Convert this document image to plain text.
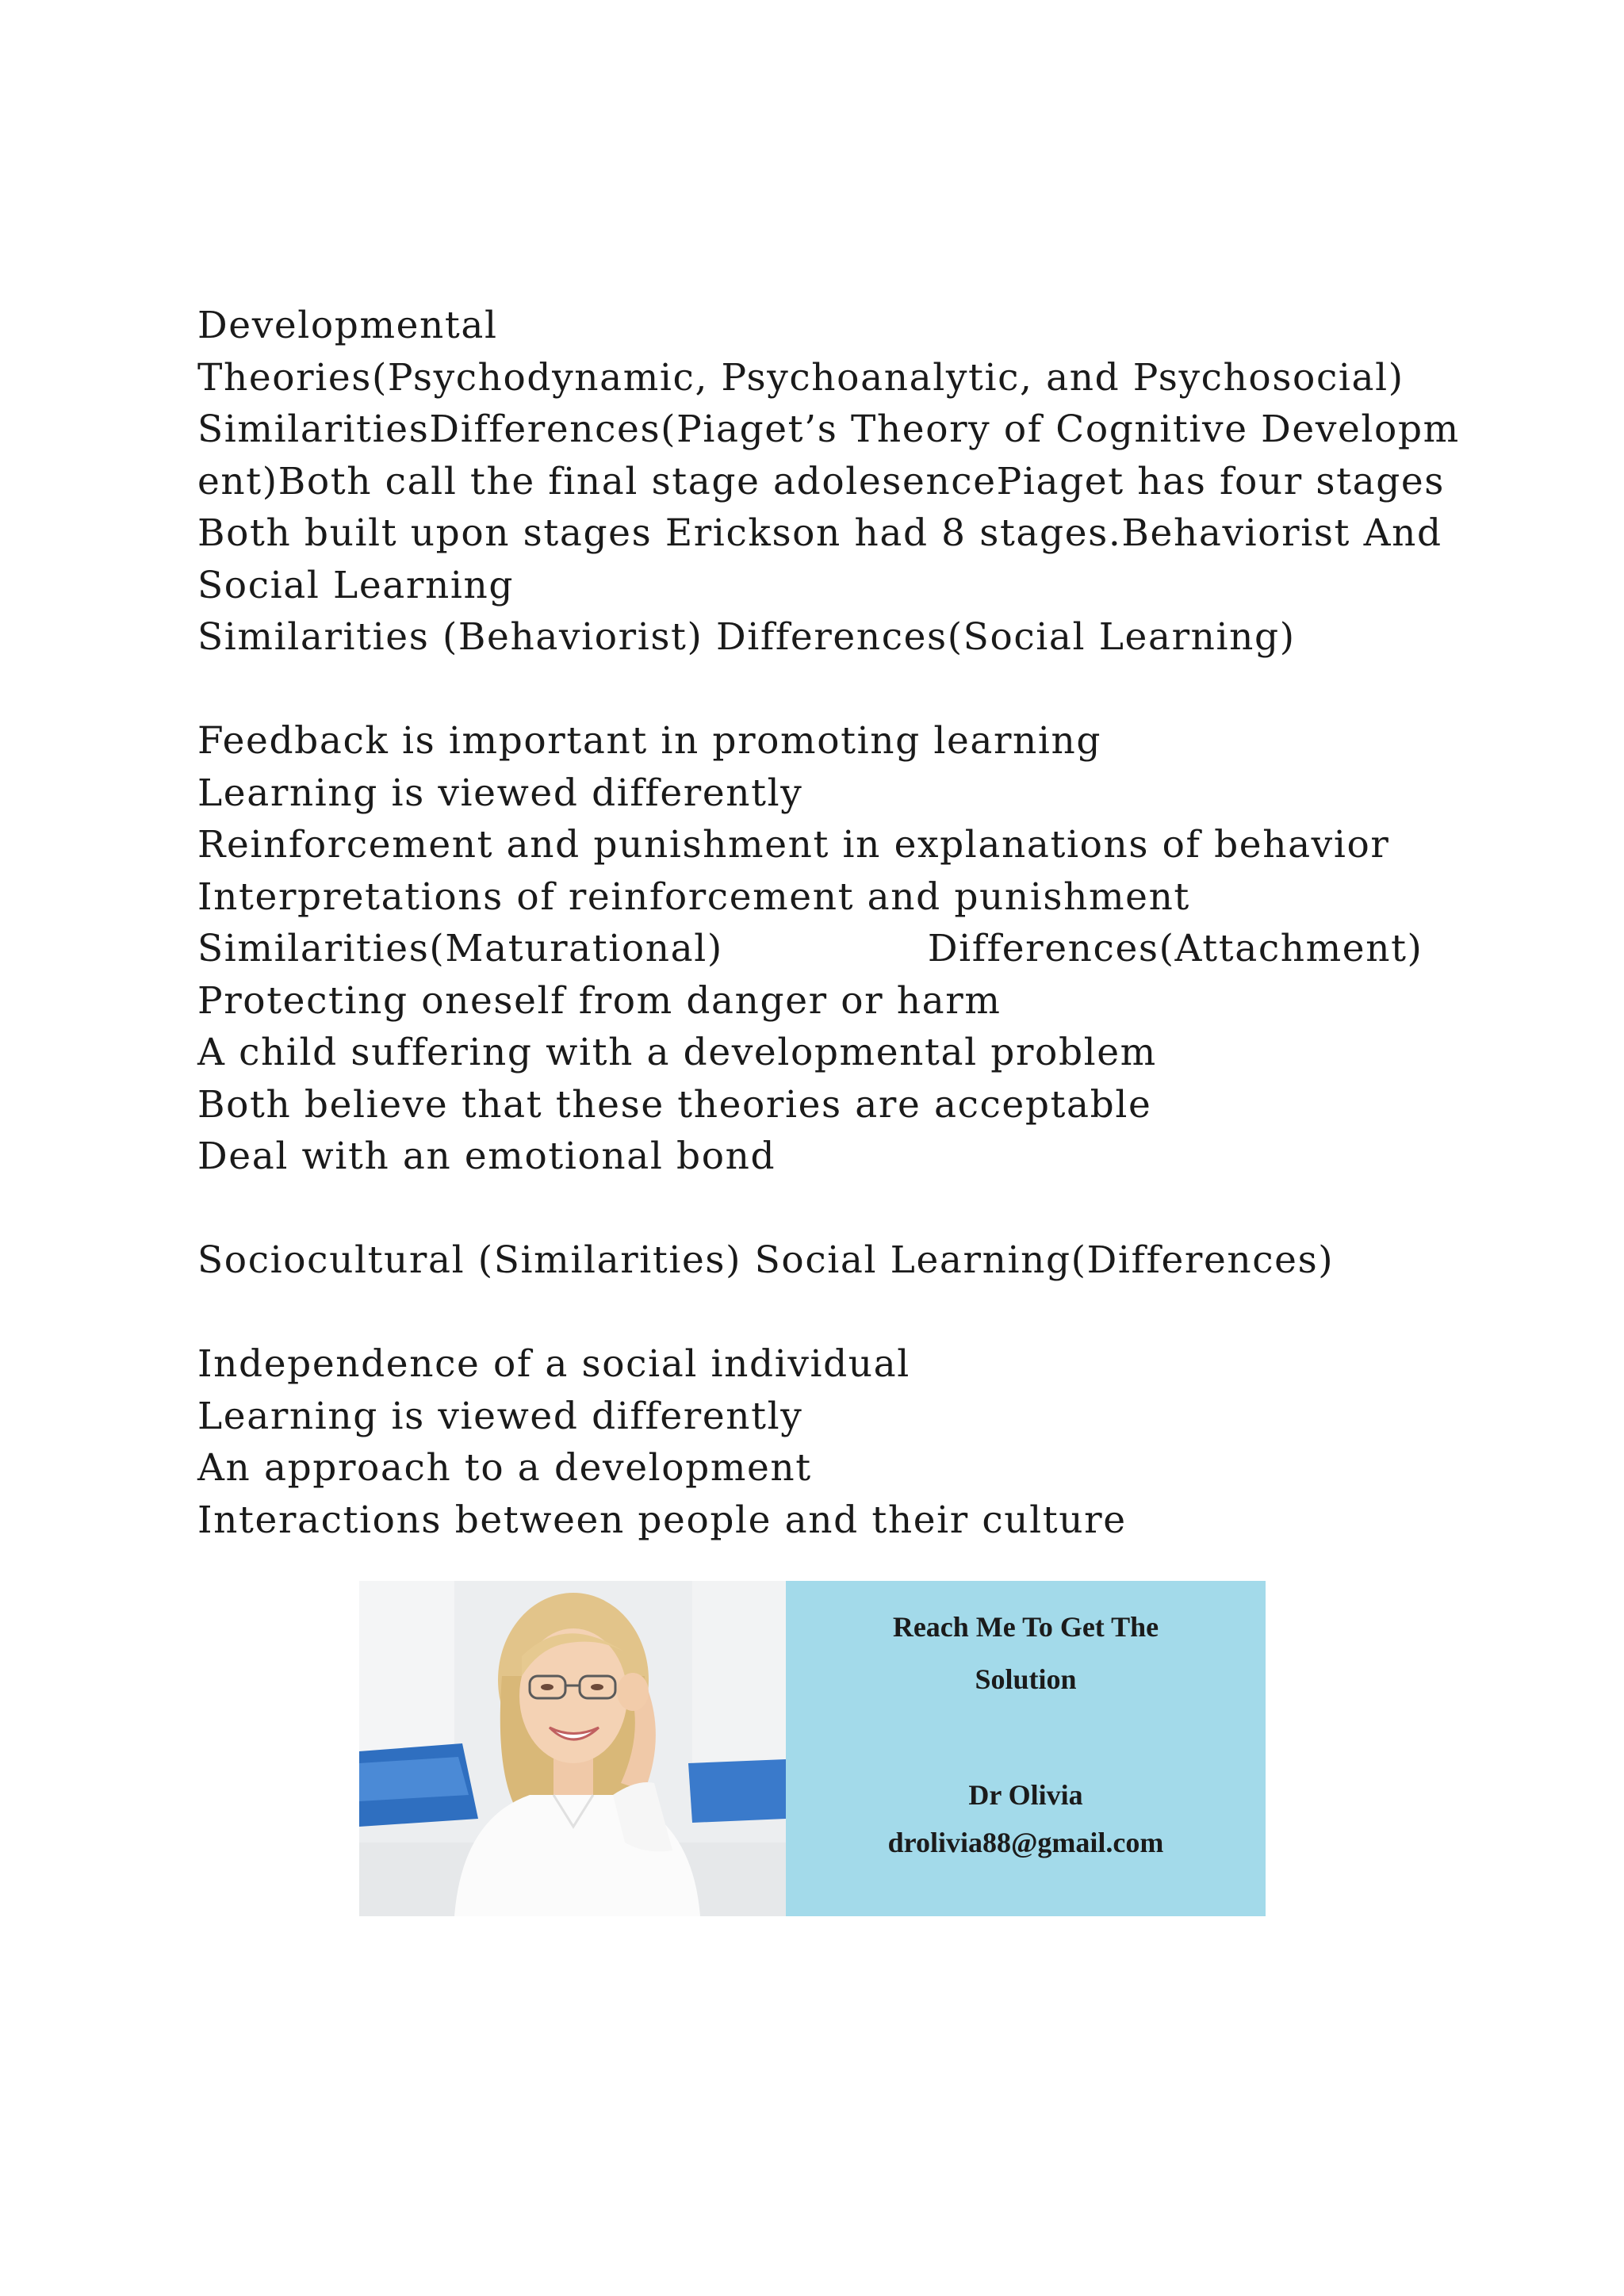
Developmental
Theories(Psychodynamic, Psychoanalytic, and Psychosocial)
SimilaritiesDifferences(Piaget’s Theory of Cognitive Developm
ent)Both call the final stage adolesencePiaget has four stages
Both built upon stages Erickson had 8 stages.Behaviorist And
Social Learning
Similarities (Behaviorist) Differences(Social Learning)
Feedback is important in promoting learning
Learning is viewed differently
Reinforcement and punishment in explanations of behavior
Interpretations of reinforcement and punishment
Similarities(Maturational)	Differences(Attachment)
Protecting oneself from danger or harm
A child suffering with a developmental problem
Both believe that these theories are acceptable
Deal with an emotional bond
Sociocultural (Similarities) Social Learning(Differences)
Independence of a social individual
Learning is viewed differently
An approach to a development
Interactions between people and their culture
Reach Me To Get The
Solution
Dr Olivia
drolivia88@gmail.com
